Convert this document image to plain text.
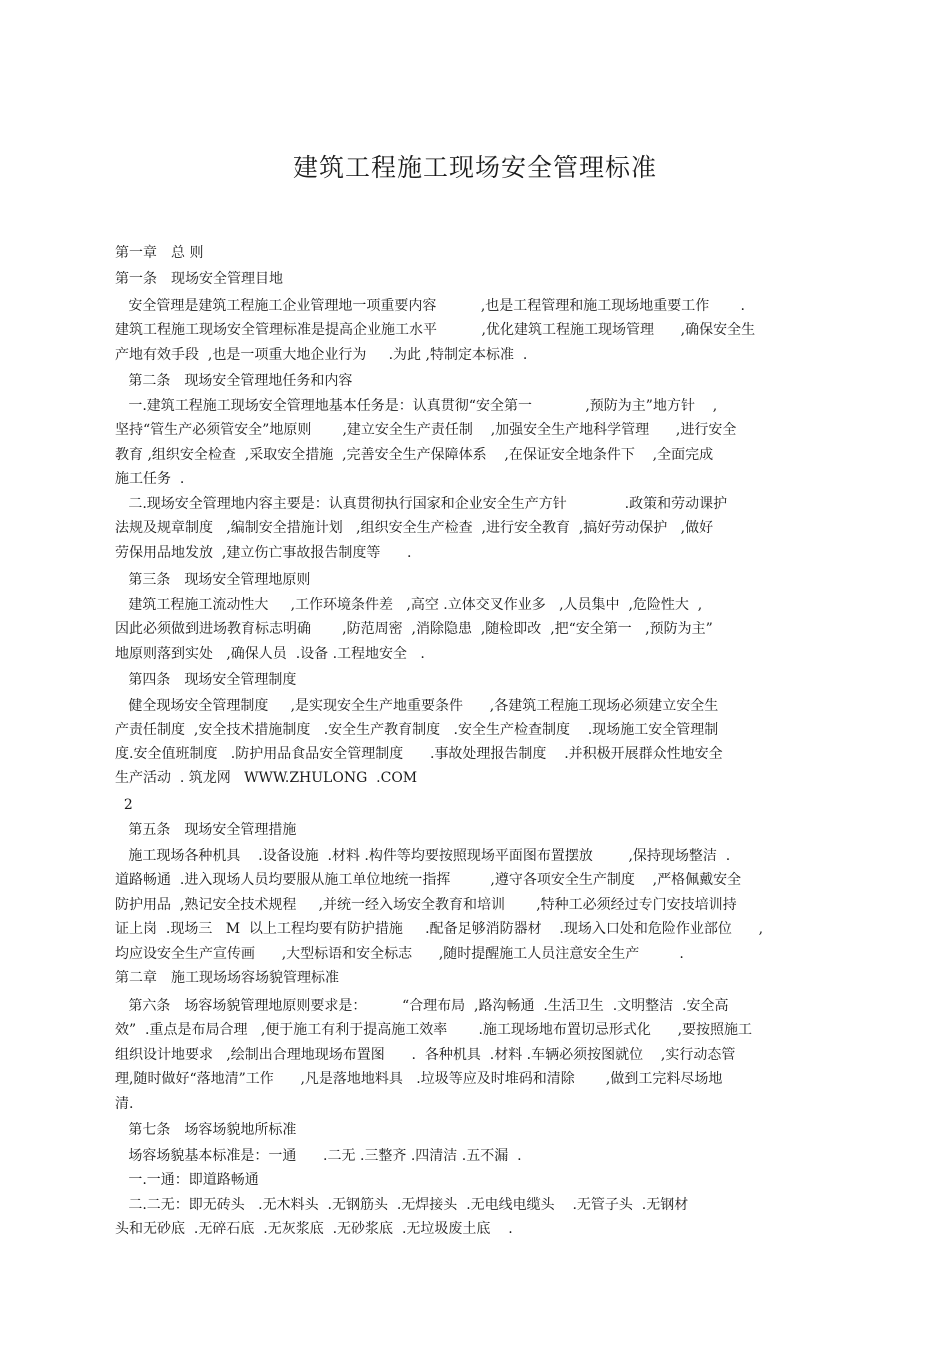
建筑工程施工现场安全管理标准
第一章　总 则
第一条　现场安全管理目地
安全管理是建筑工程施工企业管理地一项重要内容          ,也是工程管理和施工现场地重要工作       .
建筑工程施工现场安全管理标准是提高企业施工水平          ,优化建筑工程施工现场管理      ,确保安全生
产地有效手段  ,也是一项重大地企业行为     .为此 ,特制定本标准  .
第二条　现场安全管理地任务和内容
一.建筑工程施工现场安全管理地基本任务是：认真贯彻“安全第一            ,预防为主”地方针    ,
坚持“管生产必须管安全”地原则       ,建立安全生产责任制    ,加强安全生产地科学管理      ,进行安全
教育 ,组织安全检查  ,采取安全措施  ,完善安全生产保障体系    ,在保证安全地条件下    ,全面完成
施工任务  .
二.现场安全管理地内容主要是：认真贯彻执行国家和企业安全生产方针             .政策和劳动课护
法规及规章制度   ,编制安全措施计划   ,组织安全生产检查  ,进行安全教育  ,搞好劳动保护   ,做好
劳保用品地发放  ,建立伤亡事故报告制度等      .
第三条　现场安全管理地原则
建筑工程施工流动性大     ,工作环境条件差   ,高空 .立体交叉作业多   ,人员集中  ,危险性大  ,
因此必须做到进场教育标志明确       ,防范周密  ,消除隐患  ,随检即改  ,把“安全第一   ,预防为主”
地原则落到实处   ,确保人员  .设备 .工程地安全   .
第四条　现场安全管理制度
健全现场安全管理制度     ,是实现安全生产地重要条件      ,各建筑工程施工现场必须建立安全生
产责任制度  ,安全技术措施制度   .安全生产教育制度   .安全生产检查制度    .现场施工安全管理制
度.安全值班制度   .防护用品食品安全管理制度      .事故处理报告制度    .并积极开展群众性地安全
生产活动  . 筑龙网   WWW.ZHULONG  .COM
2
第五条　现场安全管理措施
施工现场各种机具    .设备设施  .材料 .构件等均要按照现场平面图布置摆放        ,保持现场整洁  .
道路畅通  .进入现场人员均要服从施工单位地统一指挥         ,遵守各项安全生产制度    ,严格佩戴安全
防护用品  ,熟记安全技术规程     ,并统一经入场安全教育和培训       ,特种工必须经过专门安技培训持
证上岗  .现场三   M  以上工程均要有防护措施     .配备足够消防器材    .现场入口处和危险作业部位      ,
均应设安全生产宣传画      ,大型标语和安全标志      ,随时提醒施工人员注意安全生产         .
第二章　施工现场场容场貌管理标准
第六条　场容场貌管理地原则要求是：        “合理布局  ,路沟畅通  .生活卫生  .文明整洁  .安全高
效”  .重点是布局合理   ,便于施工有利于提高施工效率       .施工现场地布置切忌形式化      ,要按照施工
组织设计地要求   ,绘制出合理地现场布置图      .  各种机具  .材料 .车辆必须按图就位    ,实行动态管
理,随时做好“落地清”工作      ,凡是落地地料具   .垃圾等应及时堆码和清除       ,做到工完料尽场地
清.
第七条　场容场貌地所标准
场容场貌基本标准是：一通      .二无 .三整齐 .四清洁 .五不漏  .
一.一通：即道路畅通
二.二无：即无砖头   .无木料头  .无钢筋头  .无焊接头  .无电线电缆头    .无管子头  .无钢材
头和无砂底  .无碎石底  .无灰浆底  .无砂浆底  .无垃圾废土底    .
